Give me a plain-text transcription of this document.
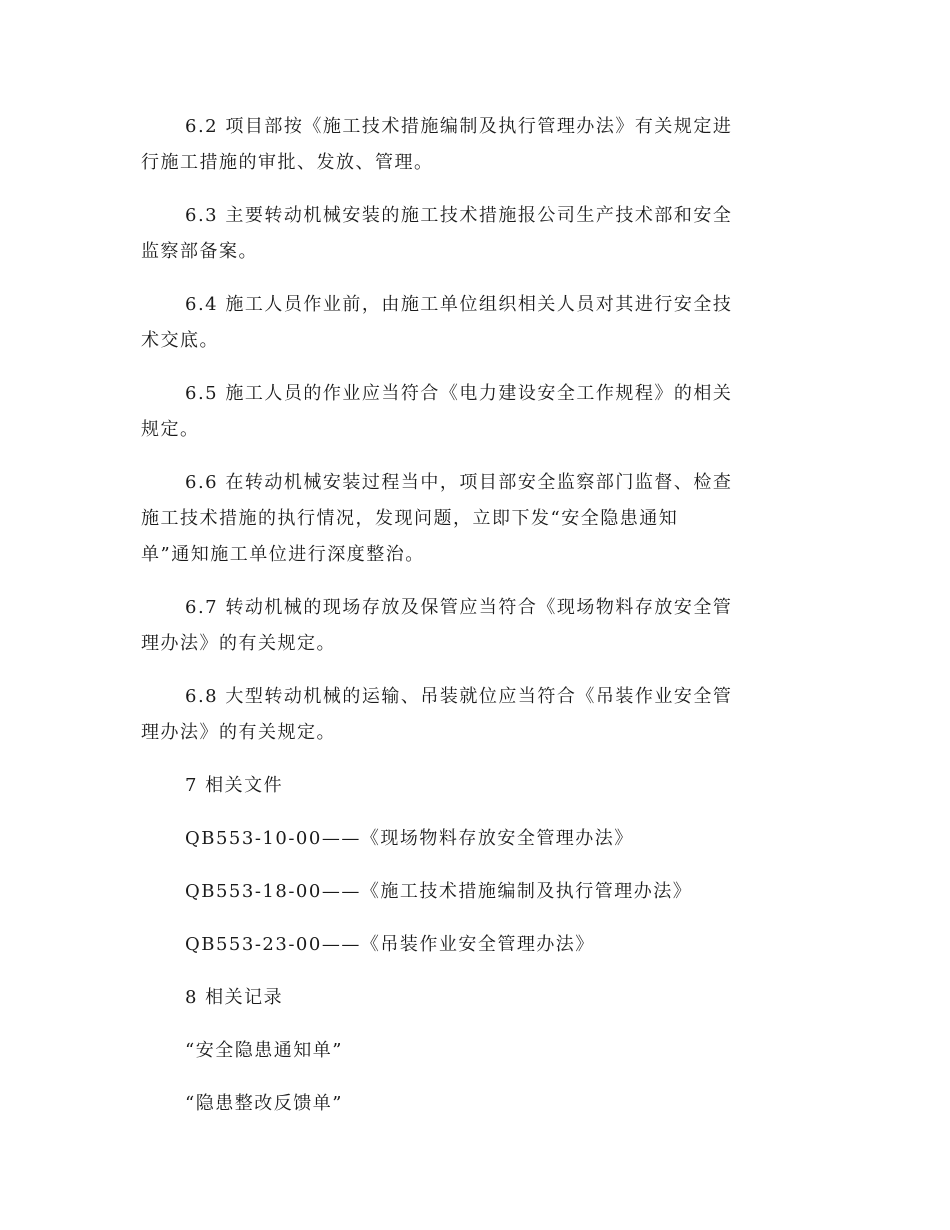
6.2 项目部按《施工技术措施编制及执行管理办法》有关规定进
行施工措施的审批、发放、管理。
6.3 主要转动机械安装的施工技术措施报公司生产技术部和安全
监察部备案。
6.4 施工人员作业前，由施工单位组织相关人员对其进行安全技
术交底。
6.5 施工人员的作业应当符合《电力建设安全工作规程》的相关
规定。
6.6 在转动机械安装过程当中，项目部安全监察部门监督、检查
施工技术措施的执行情况，发现问题，立即下发“安全隐患通知
单”通知施工单位进行深度整治。
6.7 转动机械的现场存放及保管应当符合《现场物料存放安全管
理办法》的有关规定。
6.8 大型转动机械的运输、吊装就位应当符合《吊装作业安全管
理办法》的有关规定。
7 相关文件
QB553-10-00——《现场物料存放安全管理办法》
QB553-18-00——《施工技术措施编制及执行管理办法》
QB553-23-00——《吊装作业安全管理办法》
8 相关记录
“安全隐患通知单”
“隐患整改反馈单”
